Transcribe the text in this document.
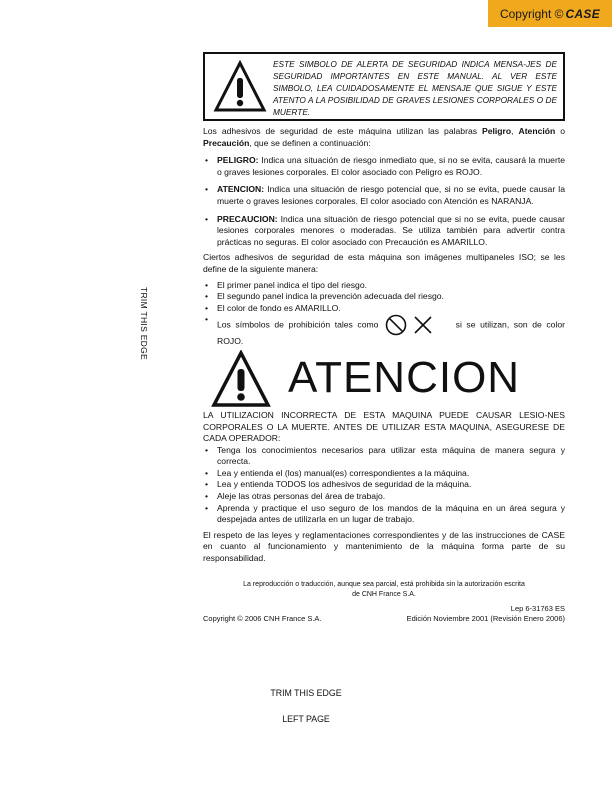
Copyright © CASE
TRIM THIS EDGE
ESTE SIMBOLO DE ALERTA DE SEGURIDAD INDICA MENSA-JES DE SEGURIDAD IMPORTANTES EN ESTE MANUAL. AL VER ESTE SIMBOLO, LEA CUIDADOSAMENTE EL MENSAJE QUE SIGUE Y ESTE ATENTO A LA POSIBILIDAD DE GRAVES LESIONES CORPORALES O DE MUERTE.

Los adhesivos de seguridad de este máquina utilizan las palabras Peligro, Atención o Precaución, que se definen a continuación:

• PELIGRO: Indica una situación de riesgo inmediato que, si no se evita, causará la muerte o graves lesiones corporales. El color asociado con Peligro es ROJO.
• ATENCION: Indica una situación de riesgo potencial que, si no se evita, puede causar la muerte o graves lesiones corporales. El color asociado con Atención es NARANJA.
• PRECAUCION: Indica una situación de riesgo potencial que si no se evita, puede causar lesiones corporales menores o moderadas. Se utiliza también para advertir contra prácticas no seguras. El color asociado con Precaución es AMARILLO.

Ciertos adhesivos de seguridad de esta máquina son imágenes multipaneles ISO; se les define de la siguiente manera:

• El primer panel indica el tipo del riesgo.
• El segundo panel indica la prevención adecuada del riesgo.
• El color de fondo es AMARILLO.
• Los símbolos de prohibición tales como	si se utilizan, son de color ROJO.
ATENCION

LA UTILIZACION INCORRECTA DE ESTA MAQUINA PUEDE CAUSAR LESIO-NES CORPORALES O LA MUERTE. ANTES DE UTILIZAR ESTA MAQUINA, ASEGURESE DE CADA OPERADOR:

• Tenga los conocimientos necesarios para utilizar esta máquina de manera segura y correcta.
• Lea y entienda el (los) manual(es) correspondientes a la máquina.
• Lea y entienda TODOS los adhesivos de seguridad de la máquina.
• Aleje las otras personas del área de trabajo.
• Aprenda y practique el uso seguro de los mandos de la máquina en un área segura y despejada antes de utilizarla en un lugar de trabajo.

El respeto de las leyes y reglamentaciones correspondientes y de las instrucciones de CASE en cuanto al funcionamiento y mantenimiento de la máquina forma parte de su responsabilidad.

La reproducción o traducción, aunque sea parcial, está prohibida sin la autorización escrita
de CNH France S.A.
Lep 6-31763 ES
Copyright © 2006 CNH France S.A.	Edición Noviembre 2001 (Revisión Enero 2006)
TRIM THIS EDGE
LEFT PAGE
